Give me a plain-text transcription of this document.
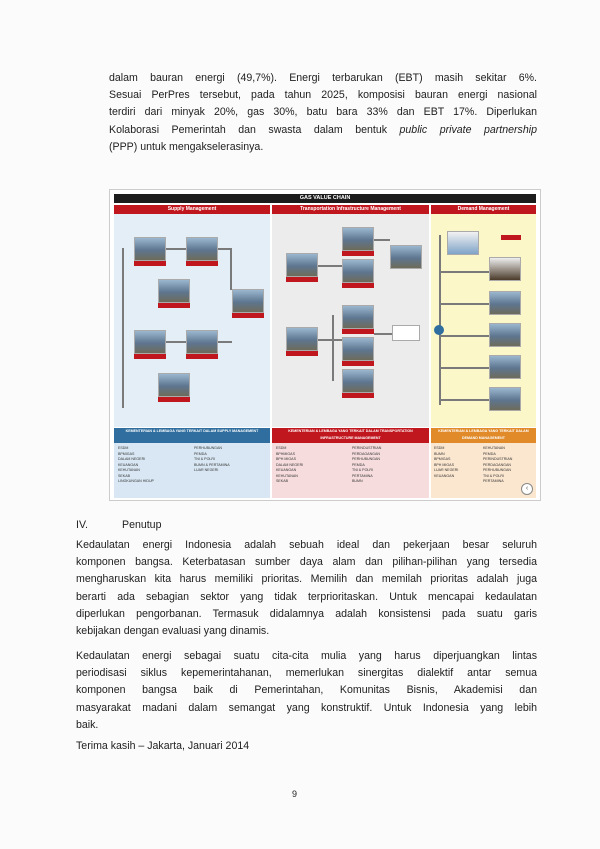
dalam bauran energi (49,7%). Energi terbarukan (EBT) masih sekitar 6%.

Sesuai PerPres tersebut, pada tahun 2025, komposisi bauran energi nasional

terdiri dari minyak 20%, gas 30%, batu bara 33% dan EBT 17%. Diperlukan

Kolaborasi Pemerintah dan swasta dalam bentuk public private partnership

(PPP) untuk mengakselerasinya.

GAS VALUE CHAIN
Supply Management	Transportation Infrastructure Management	Demand Management
KEMENTERIAN & LEMBAGA YANG TERKAIT DALAM SUPPLY MANAGEMENT
ESDM
BPMIGAS
DALAM NEGERI
KEUANGAN
KEHUTANAN
SEKAB
LINGKUNGAN HIDUP
PERHUBUNGAN
PEMDA
TNI & POLRI
BUMN & PERTAMINA
LUAR NEGERI
KEMENTERIAN & LEMBAGA YANG TERKAIT DALAM TRANSPORTATION INFRASTRUCTURE MANAGEMENT
ESDM
BPHMIGAS
BPH MIGAS
DALAM NEGERI
KEUANGAN
KEHUTANAN
SEKAB
PERINDUSTRIAN
PERDAGANGAN
PERHUBUNGAN
PEMDA
TNI & POLRI
PERTAMINA
BUMN
KEMENTERIAN & LEMBAGA YANG TERKAIT DALAM DEMAND MANAGEMENT
ESDM
BUMN
BPMIGAS
BPH MIGAS
LUAR NEGERI
KEUANGAN
KEHUTANAN
PEMDA
PERINDUSTRIAN
PERDAGANGAN
PERHUBUNGAN
TNI & POLRI
PERTAMINA
‹
IV.	Penutup

Kedaulatan energi Indonesia adalah sebuah ideal dan pekerjaan besar seluruh

komponen bangsa. Keterbatasan sumber daya alam dan pilihan-pilihan yang tersedia

mengharuskan kita harus memiliki prioritas. Memilih dan memilah prioritas adalah juga

berarti ada sebagian sektor yang tidak terprioritaskan. Untuk mencapai kedaulatan

diperlukan pengorbanan. Termasuk didalamnya adalah konsistensi pada suatu garis

kebijakan dengan evaluasi yang dinamis.

Kedaulatan energi sebagai suatu cita-cita mulia yang harus diperjuangkan lintas

periodisasi siklus kepemerintahanan, memerlukan sinergitas dialektif antar semua

komponen bangsa baik di Pemerintahan, Komunitas Bisnis, Akademisi dan

masyarakat madani dalam semangat yang konstruktif. Untuk Indonesia yang lebih

baik.

Terima kasih – Jakarta, Januari 2014
9
